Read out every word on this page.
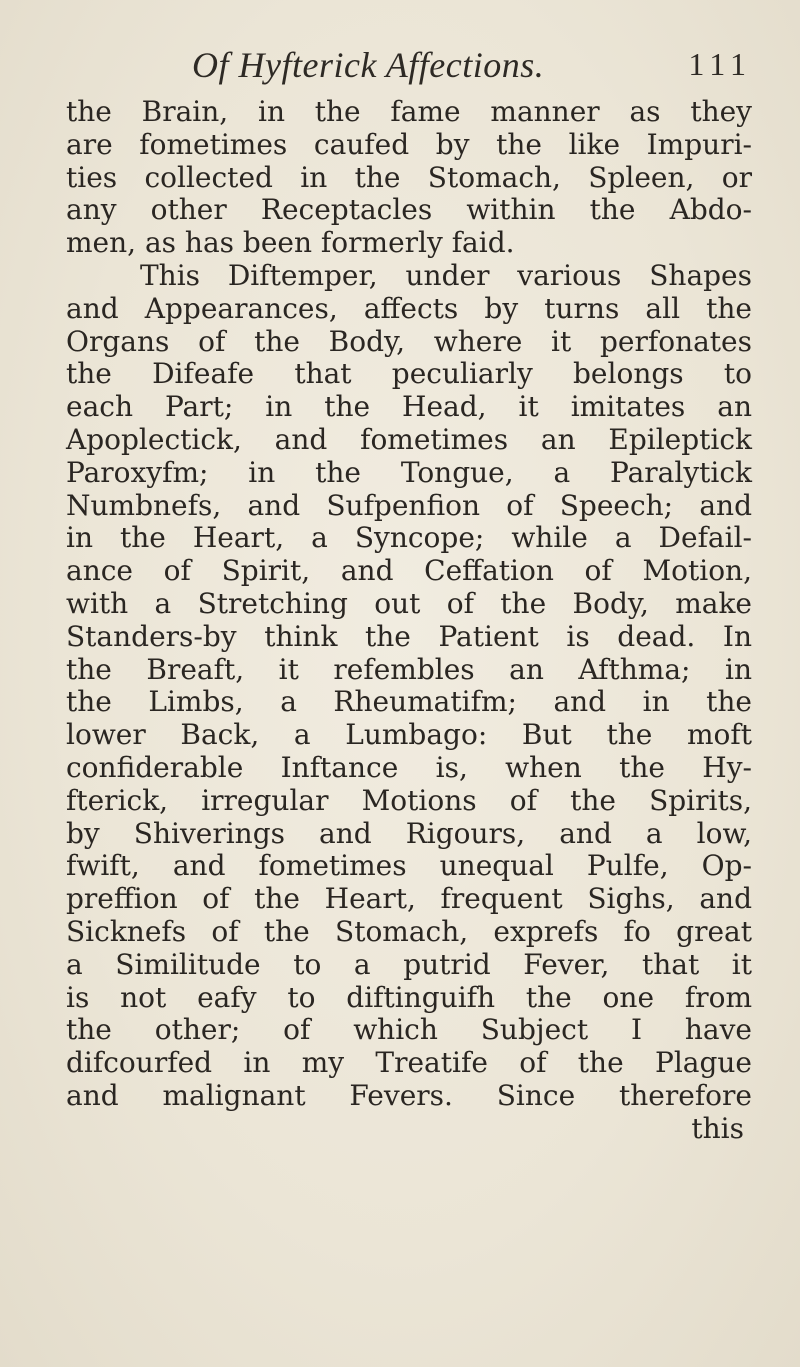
Of Hyfterick Affections.	111
the Brain, in the fame manner as they
are fometimes caufed by the like Impuri-
ties collected in the Stomach, Spleen, or
any other Receptacles within the Abdo-
men, as has been formerly faid.
This Diftemper, under various Shapes
and Appearances, affects by turns all the
Organs of the Body, where it perfonates
the Difeafe that peculiarly belongs to
each Part; in the Head, it imitates an
Apoplectick, and fometimes an Epileptick
Paroxyfm; in the Tongue, a Paralytick
Numbnefs, and Sufpenfion of Speech; and
in the Heart, a Syncope; while a Defail-
ance of Spirit, and Ceffation of Motion,
with a Stretching out of the Body, make
Standers-by think the Patient is dead. In
the Breaft, it refembles an Afthma; in
the Limbs, a Rheumatifm; and in the
lower Back, a Lumbago: But the moft
confiderable Inftance is, when the Hy-
fterick, irregular Motions of the Spirits,
by Shiverings and Rigours, and a low,
fwift, and fometimes unequal Pulfe, Op-
preffion of the Heart, frequent Sighs, and
Sicknefs of the Stomach, exprefs fo great
a Similitude to a putrid Fever, that it
is not eafy to diftinguifh the one from
the other; of which Subject I have
difcourfed in my Treatife of the Plague
and malignant Fevers. Since therefore
this
